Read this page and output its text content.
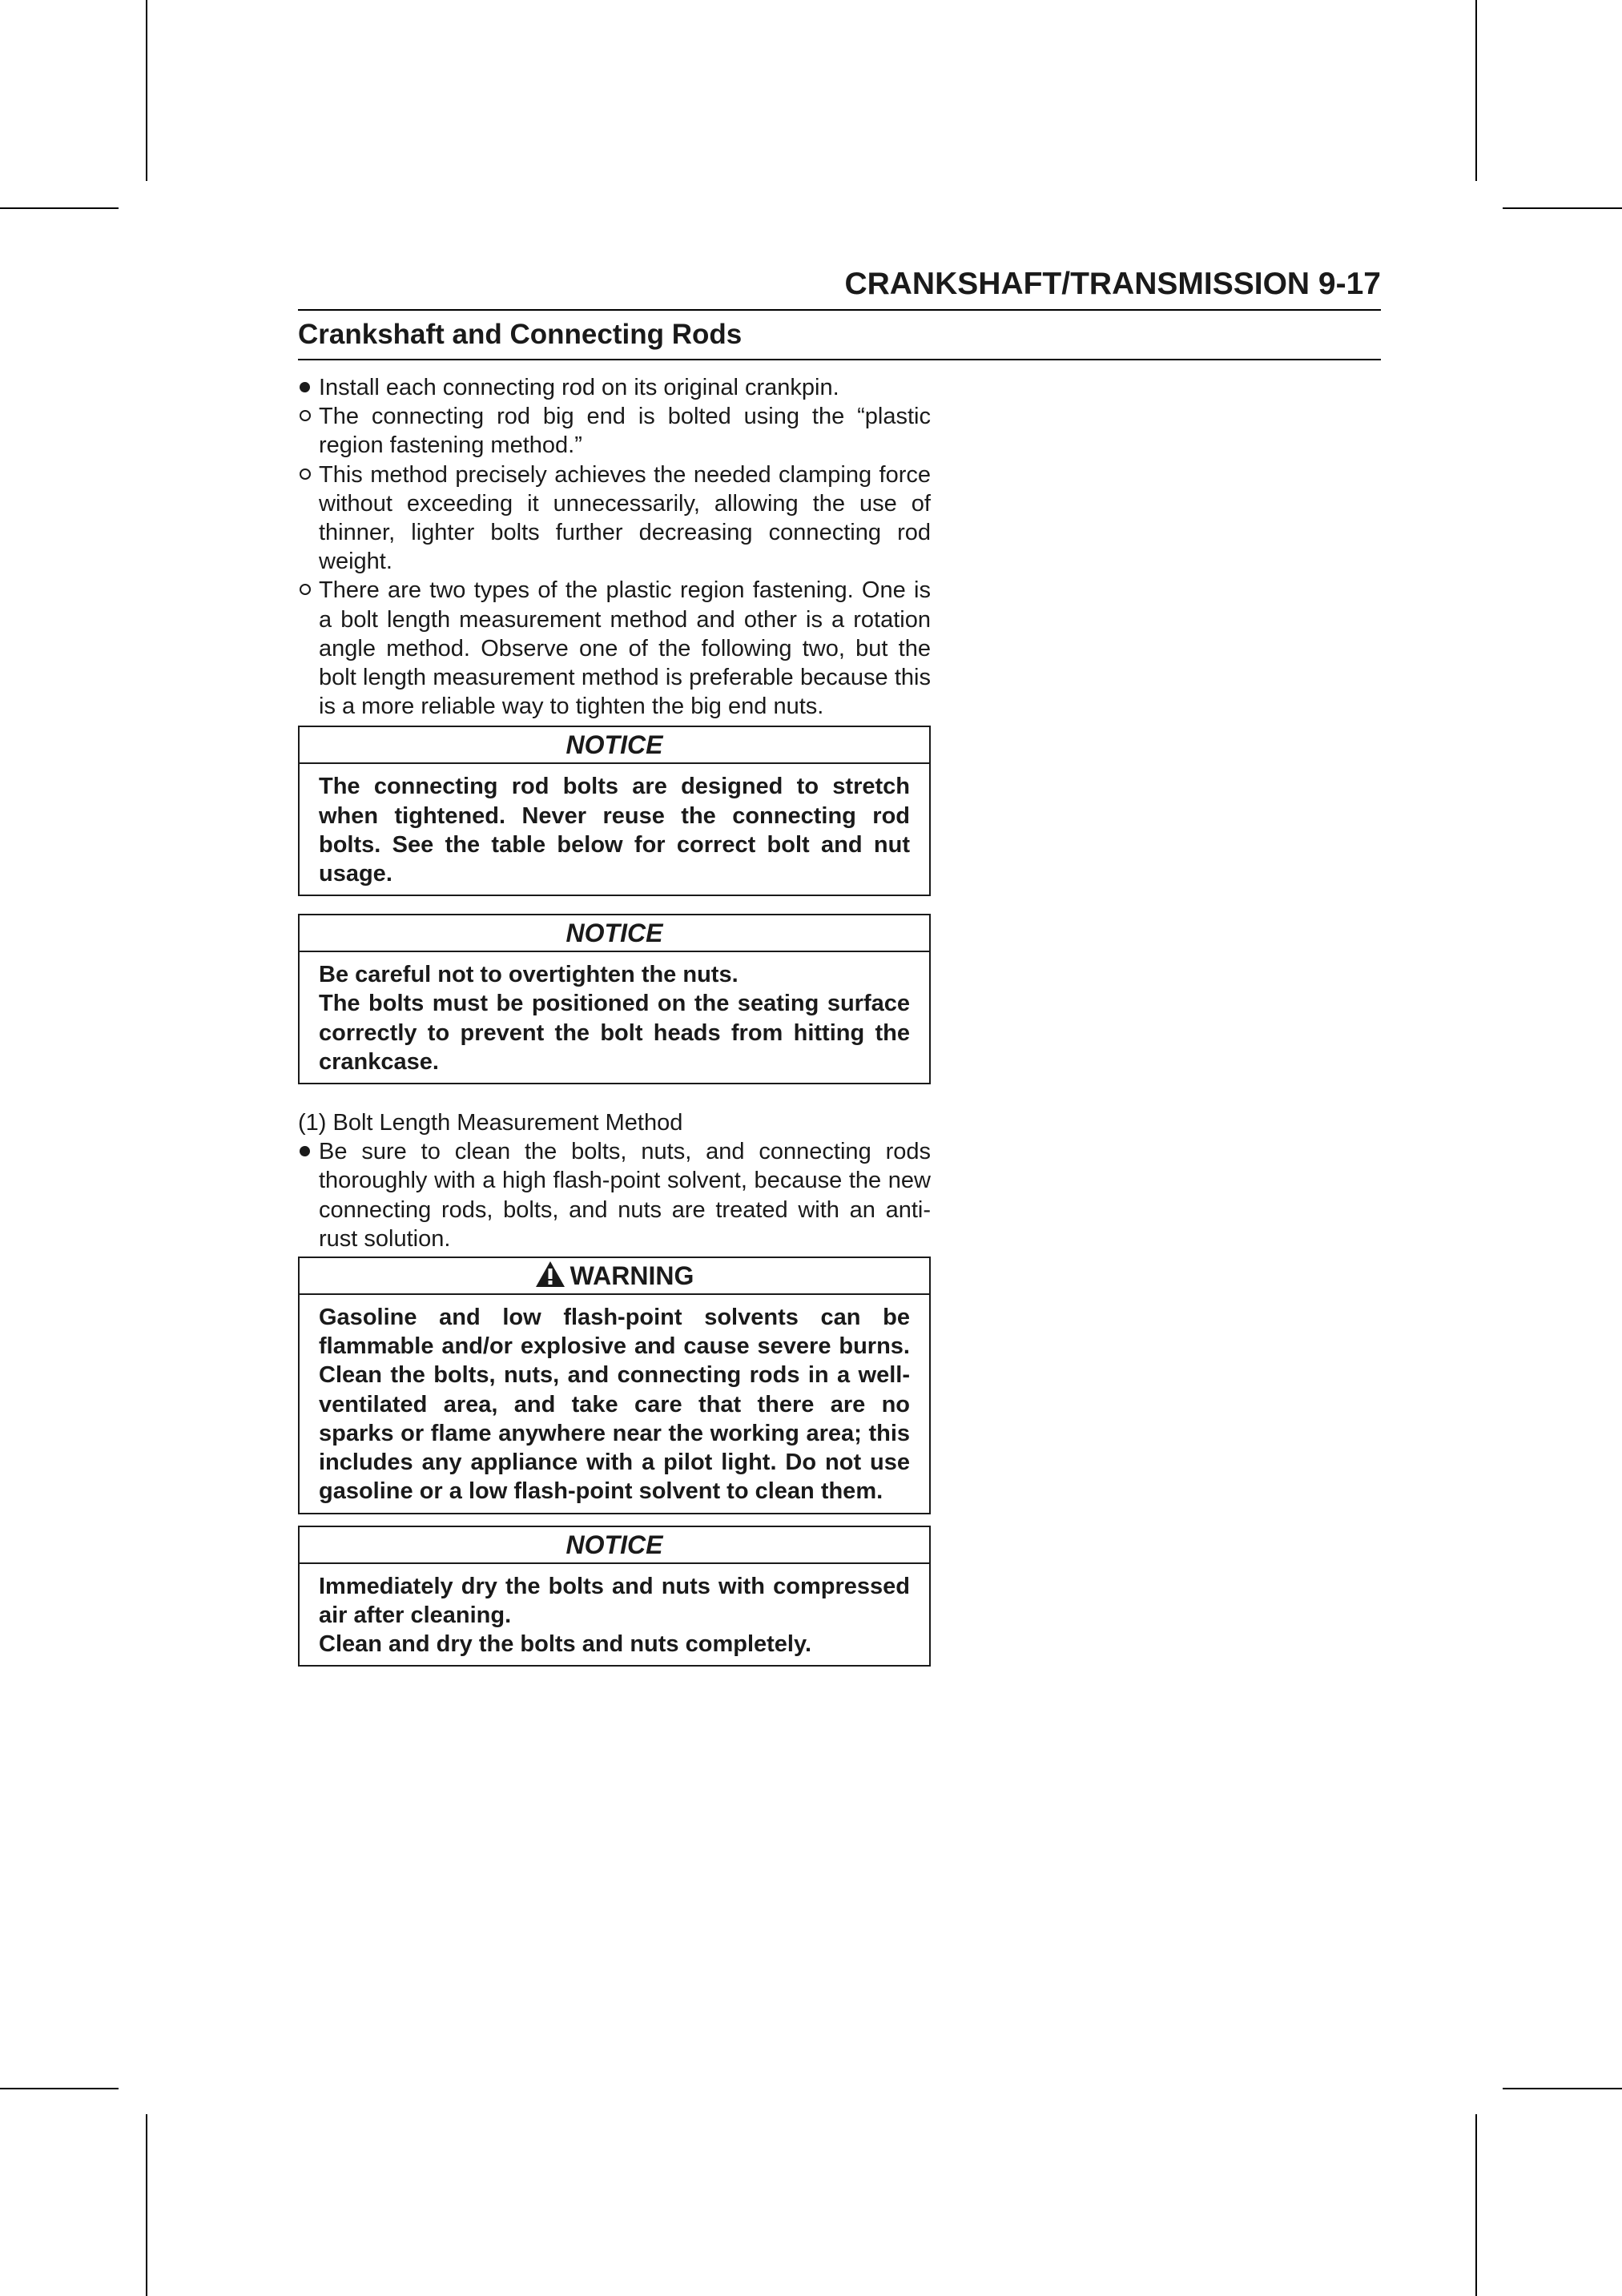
CRANKSHAFT/TRANSMISSION 9-17
Crankshaft and Connecting Rods
Install each connecting rod on its original crankpin.
The connecting rod big end is bolted using the “plastic region fastening method.”
This method precisely achieves the needed clamping force without exceeding it unnecessarily, allowing the use of thinner, lighter bolts further decreasing connecting rod weight.
There are two types of the plastic region fastening. One is a bolt length measurement method and other is a rotation angle method. Observe one of the following two, but the bolt length measurement method is preferable because this is a more reliable way to tighten the big end nuts.
NOTICE
The connecting rod bolts are designed to stretch when tightened. Never reuse the connecting rod bolts. See the table below for correct bolt and nut usage.
NOTICE
Be careful not to overtighten the nuts.
The bolts must be positioned on the seating surface correctly to prevent the bolt heads from hitting the crankcase.
(1) Bolt Length Measurement Method
Be sure to clean the bolts, nuts, and connecting rods thoroughly with a high flash-point solvent, because the new connecting rods, bolts, and nuts are treated with an anti-rust solution.
WARNING
Gasoline and low flash-point solvents can be flammable and/or explosive and cause severe burns. Clean the bolts, nuts, and connecting rods in a well-ventilated area, and take care that there are no sparks or flame anywhere near the working area; this includes any appliance with a pilot light. Do not use gasoline or a low flash-point solvent to clean them.
NOTICE
Immediately dry the bolts and nuts with compressed air after cleaning.
Clean and dry the bolts and nuts completely.
